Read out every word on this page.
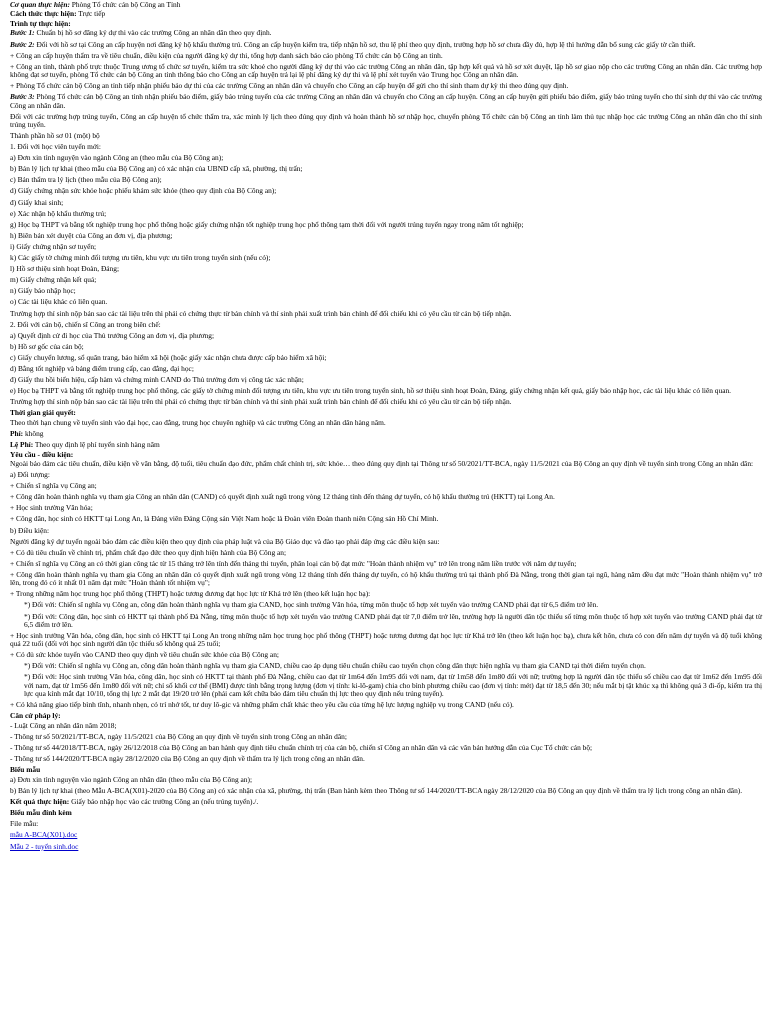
Cơ quan thực hiện: Phòng Tổ chức cán bộ Công an Tỉnh

Cách thức thực hiện: Trực tiếp

Trình tự thực hiện:

Bước 1: Chuẩn bị hồ sơ đăng ký dự thi vào các trường Công an nhân dân theo quy định.

Bước 2: Đối với hồ sơ tại Công an cấp huyện nơi đăng ký hộ khẩu thường trú. Công an cấp huyện kiểm tra, tiếp nhận hồ sơ, thu lệ phí theo quy định, trường hợp hồ sơ chưa đầy đủ, hợp lệ thì hướng dẫn bổ sung các giấy tờ cần thiết.

+ Công an cấp huyện thẩm tra về tiêu chuẩn, điều kiện của người đăng ký dự thi, tổng hợp danh sách báo cáo phòng Tổ chức cán bộ Công an tỉnh.

+ Công an tỉnh, thành phố trực thuộc Trung ương tổ chức sơ tuyển, kiểm tra sức khoẻ cho người đăng ký dự thi vào các trường Công an nhân dân, tập hợp kết quả và hồ sơ xét duyệt, lập hồ sơ giao nộp cho các trường Công an nhân dân. Các trường hợp không đạt sơ tuyển, phòng Tổ chức cán bộ Công an tỉnh thông báo cho Công an cấp huyện trả lại lệ phí đăng ký dự thi và lệ phí xét tuyển vào Trung học Công an nhân dân.

+ Phòng Tổ chức cán bộ Công an tỉnh tiếp nhận phiếu báo dự thi của các trường Công an nhân dân và chuyển cho Công an cấp huyện để gửi cho thí sinh tham dự kỳ thi theo đúng quy định.

Bước 3: Phòng Tổ chức cán bộ Công an tỉnh nhận phiếu báo điểm, giấy báo trúng tuyển của các trường Công an nhân dân và chuyển cho Công an cấp huyện. Công an cấp huyện gửi phiếu báo điểm, giấy báo trúng tuyển cho thí sinh dự thi vào các trường Công an nhân dân.

Đối với các trường hợp trúng tuyển, Công an cấp huyện tổ chức thẩm tra, xác minh lý lịch theo đúng quy định và hoàn thành hồ sơ nhập học, chuyển phòng Tổ chức cán bộ Công an tỉnh làm thủ tục nhập học các trường Công an nhân dân cho thí sinh trúng tuyển.

Thành phần hồ sơ 01 (một) bộ

1. Đối với học viên tuyển mới:

a) Đơn xin tình nguyện vào ngành Công an (theo mẫu của Bộ Công an);

b) Bản lý lịch tự khai (theo mẫu của Bộ Công an) có xác nhận của UBND cấp xã, phường, thị trấn;

c) Bản thẩm tra lý lịch (theo mẫu của Bộ Công an);

d) Giấy chứng nhận sức khỏe hoặc phiếu khám sức khỏe (theo quy định của Bộ Công an);

đ) Giấy khai sinh;

e) Xác nhận hộ khẩu thường trú;

g) Học bạ THPT và bằng tốt nghiệp trung học phổ thông hoặc giấy chứng nhận tốt nghiệp trung học phổ thông tạm thời đối với người trúng tuyển ngay trong năm tốt nghiệp;

h) Biên bản xét duyệt của Công an đơn vị, địa phương;

i) Giấy chứng nhận sơ tuyển;

k) Các giấy tờ chứng minh đối tượng ưu tiên, khu vực ưu tiên trong tuyển sinh (nếu có);

l) Hồ sơ thiệu sinh hoạt Đoàn, Đảng;

m) Giấy chứng nhận kết quả;

n) Giấy báo nhập học;

o) Các tài liệu khác có liên quan.

Trường hợp thí sinh nộp bản sao các tài liệu trên thì phải có chứng thực từ bản chính và thí sinh phải xuất trình bản chính để đối chiếu khi có yêu cầu từ cán bộ tiếp nhận.

2. Đối với cán bộ, chiến sĩ Công an trong biên chế:

a) Quyết định cử đi học của Thủ trưởng Công an đơn vị, địa phương;

b) Hồ sơ gốc của cán bộ;

c) Giấy chuyển lương, sổ quân trang, bảo hiểm xã hội (hoặc giấy xác nhận chưa được cấp bảo hiểm xã hội;

d) Bằng tốt nghiệp và bảng điểm trung cấp, cao đẳng, đại học;

đ) Giấy thu hồi biển hiệu, cấp hàm và chứng minh CAND do Thủ trưởng đơn vị công tác xác nhận;

e) Học bạ THPT và bằng tốt nghiệp trung học phổ thông, các giấy tờ chứng minh đối tượng ưu tiên, khu vực ưu tiên trong tuyển sinh, hồ sơ thiệu sinh hoạt Đoàn, Đảng, giấy chứng nhận kết quả, giấy báo nhập học, các tài liệu khác có liên quan.

Trường hợp thí sinh nộp bản sao các tài liệu trên thì phải có chứng thực từ bản chính và thí sinh phải xuất trình bản chính để đối chiếu khi có yêu cầu từ cán bộ tiếp nhận.

Thời gian giải quyết:

Theo thời hạn chung về tuyển sinh vào đại học, cao đẳng, trung học chuyên nghiệp và các trường Công an nhân dân hàng năm.

Phí: không

Lệ Phí: Theo quy định lệ phí tuyển sinh hàng năm

Yêu cầu - điều kiện:

Ngoài bảo đảm các tiêu chuẩn, điều kiện về văn bằng, độ tuổi, tiêu chuẩn đạo đức, phẩm chất chính trị, sức khỏe… theo đúng quy định tại Thông tư số 50/2021/TT-BCA, ngày 11/5/2021 của Bộ Công an quy định về tuyển sinh trong Công an nhân dân:

a) Đối tượng:

+ Chiến sĩ nghĩa vụ Công an;

+ Công dân hoàn thành nghĩa vụ tham gia Công an nhân dân (CAND) có quyết định xuất ngũ trong vòng 12 tháng tính đến tháng dự tuyển, có hộ khẩu thường trú (HKTT) tại Long An.

+ Học sinh trường Văn hóa;

+ Công dân, học sinh có HKTT tại Long An, là Đảng viên Đảng Cộng sản Việt Nam hoặc là Đoàn viên Đoàn thanh niên Cộng sản Hồ Chí Minh.

b) Điều kiện:

Người đăng ký dự tuyển ngoài bảo đảm các điều kiện theo quy định của pháp luật và của Bộ Giáo dục và đào tạo phải đáp ứng các điều kiện sau:

+ Có đủ tiêu chuẩn về chính trị, phẩm chất đạo đức theo quy định hiện hành của Bộ Công an;

+ Chiến sĩ nghĩa vụ Công an có thời gian công tác từ 15 tháng trở lên tính đến tháng thi tuyển, phân loại cán bộ đạt mức "Hoàn thành nhiệm vụ" trở lên trong năm liền trước với năm dự tuyển;

+ Công dân hoàn thành nghĩa vụ tham gia Công an nhân dân có quyết định xuất ngũ trong vòng 12 tháng tính đến tháng dự tuyển, có hộ khẩu thường trú tại thành phố Đà Nẵng, trong thời gian tại ngũ, hàng năm đều đạt mức "Hoàn thành nhiệm vụ" trở lên, trong đó có ít nhất 01 năm đạt mức "Hoàn thành tốt nhiệm vụ";

+ Trong những năm học trung học phổ thông (THPT) hoặc tương đương đạt học lực từ Khá trở lên (theo kết luận học bạ):

*) Đối với: Chiến sĩ nghĩa vụ Công an, công dân hoàn thành nghĩa vụ tham gia CAND, học sinh trường Văn hóa, từng môn thuộc tổ hợp xét tuyển vào trường CAND phải đạt từ 6,5 điểm trở lên.

*) Đối với: Công dân, học sinh có HKTT tại thành phố Đà Nẵng, từng môn thuộc tổ hợp xét tuyển vào trường CAND phải đạt từ 7,0 điểm trở lên, trường hợp là người dân tộc thiểu số từng môn thuộc tổ hợp xét tuyển vào trường CAND phải đạt từ 6,5 điểm trở lên.

+ Học sinh trường Văn hóa, công dân, học sinh có HKTT tại Long An trong những năm học trung học phổ thông (THPT) hoặc tương đương đạt học lực từ Khá trở lên (theo kết luận học bạ), chưa kết hôn, chưa có con đến năm dự tuyển và độ tuổi không quá 22 tuổi (đối với học sinh người dân tộc thiểu số không quá 25 tuổi;

+ Có đủ sức khỏe tuyển vào CAND theo quy định về tiêu chuẩn sức khỏe của Bộ Công an;

*) Đối với: Chiến sĩ nghĩa vụ Công an, công dân hoàn thành nghĩa vụ tham gia CAND, chiều cao áp dụng tiêu chuẩn chiều cao tuyển chọn công dân thực hiện nghĩa vụ tham gia CAND tại thời điểm tuyển chọn.

*) Đối với: Học sinh trường Văn hóa, công dân, học sinh có HKTT tại thành phố Đà Nẵng, chiều cao đạt từ 1m64 đến 1m95 đối với nam, đạt từ 1m58 đến 1m80 đối với nữ; trường hợp là người dân tộc thiểu số chiều cao đạt từ 1m62 đến 1m95 đối với nam, đạt từ 1m56 đến 1m80 đối với nữ; chỉ số khối cơ thể (BMI) được tính bằng trọng lượng (đơn vị tính: ki-lô-gam) chia cho bình phương chiều cao (đơn vị tính: mét) đạt từ 18,5 đến 30; nếu mắt bị tật khúc xạ thì không quá 3 đi-ốp, kiểm tra thị lực qua kính mắt đạt 10/10, tổng thị lực 2 mắt đạt 19/20 trở lên (phải cam kết chữa bảo đảm tiêu chuẩn thị lực theo quy định nếu trúng tuyển).

+ Có khả năng giao tiếp bình tĩnh, nhanh nhẹn, có trí nhớ tốt, tư duy lô-gic và những phẩm chất khác theo yêu cầu của từng hệ lực lượng nghiệp vụ trong CAND (nếu có).

Căn cứ pháp lý:

- Luật Công an nhân dân năm 2018;

- Thông tư số 50/2021/TT-BCA, ngày 11/5/2021 của Bộ Công an quy định về tuyển sinh trong Công an nhân dân;

- Thông tư số 44/2018/TT-BCA, ngày 26/12/2018 của Bộ Công an ban hành quy định tiêu chuẩn chính trị của cán bộ, chiến sĩ Công an nhân dân và các văn bản hướng dẫn của Cục Tổ chức cán bộ;

- Thông tư số 144/2020/TT-BCA ngày 28/12/2020 của Bộ Công an quy định về thẩm tra lý lịch trong công an nhân dân.

Biểu mẫu

a) Đơn xin tình nguyện vào ngành Công an nhân dân (theo mẫu của Bộ Công an);

b) Bản lý lịch tự khai (theo Mẫu A-BCA(X01)-2020 của Bộ Công an) có xác nhận của xã, phường, thị trấn (Ban hành kèm theo Thông tư số 144/2020/TT-BCA ngày 28/12/2020 của Bộ Công an quy định về thẩm tra lý lịch trong công an nhân dân).

Kết quả thực hiện: Giấy báo nhập học vào các trường Công an (nếu trúng tuyển)./.

Biểu mẫu đính kèm

File mẫu:
mẫu A-BCA(X01).doc
Mẫu 2 - tuyển sinh.doc
